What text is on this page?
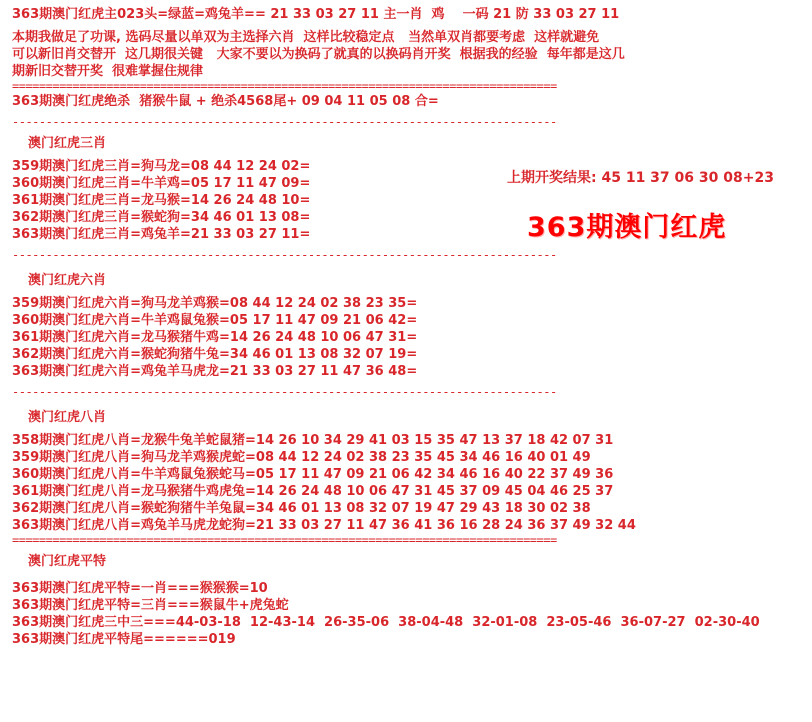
363期澳门红虎主023头=绿蓝=鸡兔羊== 21 33 03 27 11 主一肖  鸡    一码 21 防 33 03 27 11
本期我做足了功课, 选码尽量以单双为主选择六肖  这样比较稳定点   当然单双肖都要考虑  这样就避免
可以新旧肖交替开  这几期很关键   大家不要以为换码了就真的以换码肖开奖  根据我的经验  每年都是这几
期新旧交替开奖  很难掌握住规律
=================================================================================
363期澳门红虎绝杀  猪猴牛鼠 + 绝杀4568尾+ 09 04 11 05 08 合=
---------------------------------------------------------------------------------
澳门红虎三肖
359期澳门红虎三肖=狗马龙=08 44 12 24 02=
360期澳门红虎三肖=牛羊鸡=05 17 11 47 09=
361期澳门红虎三肖=龙马猴=14 26 24 48 10=
362期澳门红虎三肖=猴蛇狗=34 46 01 13 08=
363期澳门红虎三肖=鸡兔羊=21 33 03 27 11=
---------------------------------------------------------------------------------
澳门红虎六肖
359期澳门红虎六肖=狗马龙羊鸡猴=08 44 12 24 02 38 23 35=
360期澳门红虎六肖=牛羊鸡鼠兔猴=05 17 11 47 09 21 06 42=
361期澳门红虎六肖=龙马猴猪牛鸡=14 26 24 48 10 06 47 31=
362期澳门红虎六肖=猴蛇狗猪牛兔=34 46 01 13 08 32 07 19=
363期澳门红虎六肖=鸡兔羊马虎龙=21 33 03 27 11 47 36 48=
---------------------------------------------------------------------------------
澳门红虎八肖
358期澳门红虎八肖=龙猴牛兔羊蛇鼠猪=14 26 10 34 29 41 03 15 35 47 13 37 18 42 07 31
359期澳门红虎八肖=狗马龙羊鸡猴虎蛇=08 44 12 24 02 38 23 35 45 34 46 16 40 01 49
360期澳门红虎八肖=牛羊鸡鼠兔猴蛇马=05 17 11 47 09 21 06 42 34 46 16 40 22 37 49 36
361期澳门红虎八肖=龙马猴猪牛鸡虎兔=14 26 24 48 10 06 47 31 45 37 09 45 04 46 25 37
362期澳门红虎八肖=猴蛇狗猪牛羊兔鼠=34 46 01 13 08 32 07 19 47 29 43 18 30 02 38
363期澳门红虎八肖=鸡兔羊马虎龙蛇狗=21 33 03 27 11 47 36 41 36 16 28 24 36 37 49 32 44
=================================================================================
澳门红虎平特
363期澳门红虎平特=一肖===猴猴猴=10
363期澳门红虎平特=三肖===猴鼠牛+虎兔蛇
363期澳门红虎三中三===44-03-18  12-43-14  26-35-06  38-04-48  32-01-08  23-05-46  36-07-27  02-30-40
363期澳门红虎平特尾======019
上期开奖结果: 45 11 37 06 30 08+23
363期澳门红虎
